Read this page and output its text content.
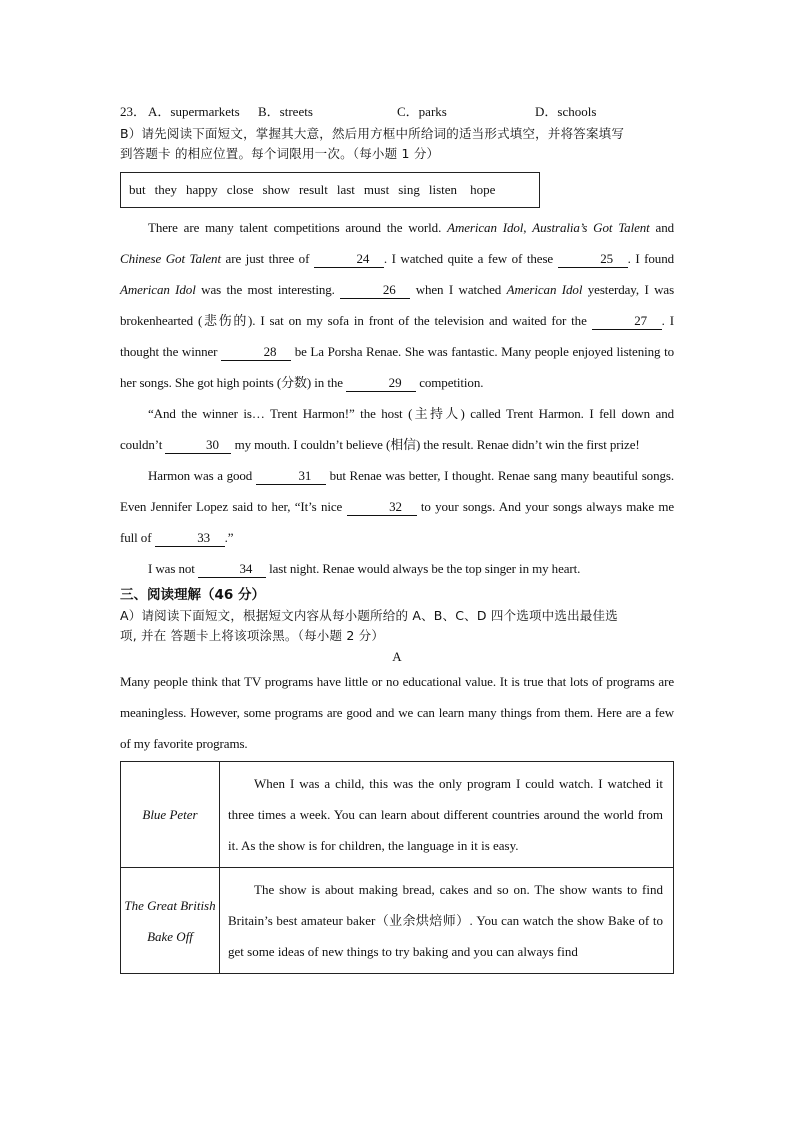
23． A．supermarkets B．streets	C．parks	D．schools
B）请先阅读下面短文，掌握其大意，然后用方框中所给词的适当形式填空，并将答案填写
到答题卡 的相应位置。每个词限用一次。（每小题 1 分）
but they happy close show result last must sing listen hope
There are many talent competitions around the world. American Idol, Australia’s Got Talent and Chinese Got Talent are just three of	24 . I watched quite a few of these	25 . I found American Idol was the most interesting.	26 when I watched American Idol yesterday, I was brokenhearted (悲伤的). I sat on my sofa in front of the television and waited for the	27 . I thought the winner	28 be La Porsha Renae. She was fantastic. Many people enjoyed listening to her songs. She got high points (分数) in the	29 competition.
“And the winner is… Trent Harmon!” the host (主持人) called Trent Harmon. I fell down and couldn’t	30 my mouth. I couldn’t believe (相信) the result. Renae didn’t win the first prize!
Harmon was a good	31 but Renae was better, I thought. Renae sang many beautiful songs. Even Jennifer Lopez said to her, “It’s nice	32 to your songs. And your songs always make me full of	33 .”
I was not	34 last night. Renae would always be the top singer in my heart.
三、阅读理解（46 分）
A）请阅读下面短文，根据短文内容从每小题所给的 A、B、C、D 四个选项中选出最佳选
项, 并在 答题卡上将该项涂黑。（每小题 2 分）
A
Many people think that TV programs have little or no educational value. It is true that lots of programs are meaningless. However, some programs are good and we can learn many things from them. Here are a few of my favorite programs.
Blue Peter	When I was a child, this was the only program I could watch. I watched it three times a week. You can learn about different countries around the world from it. As the show is for children, the language in it is easy.

The Great British Bake Off	The show is about making bread, cakes and so on. The show wants to find Britain’s best amateur baker（业余烘焙师）. You can watch the show Bake of to get some ideas of new things to try baking and you can always find
